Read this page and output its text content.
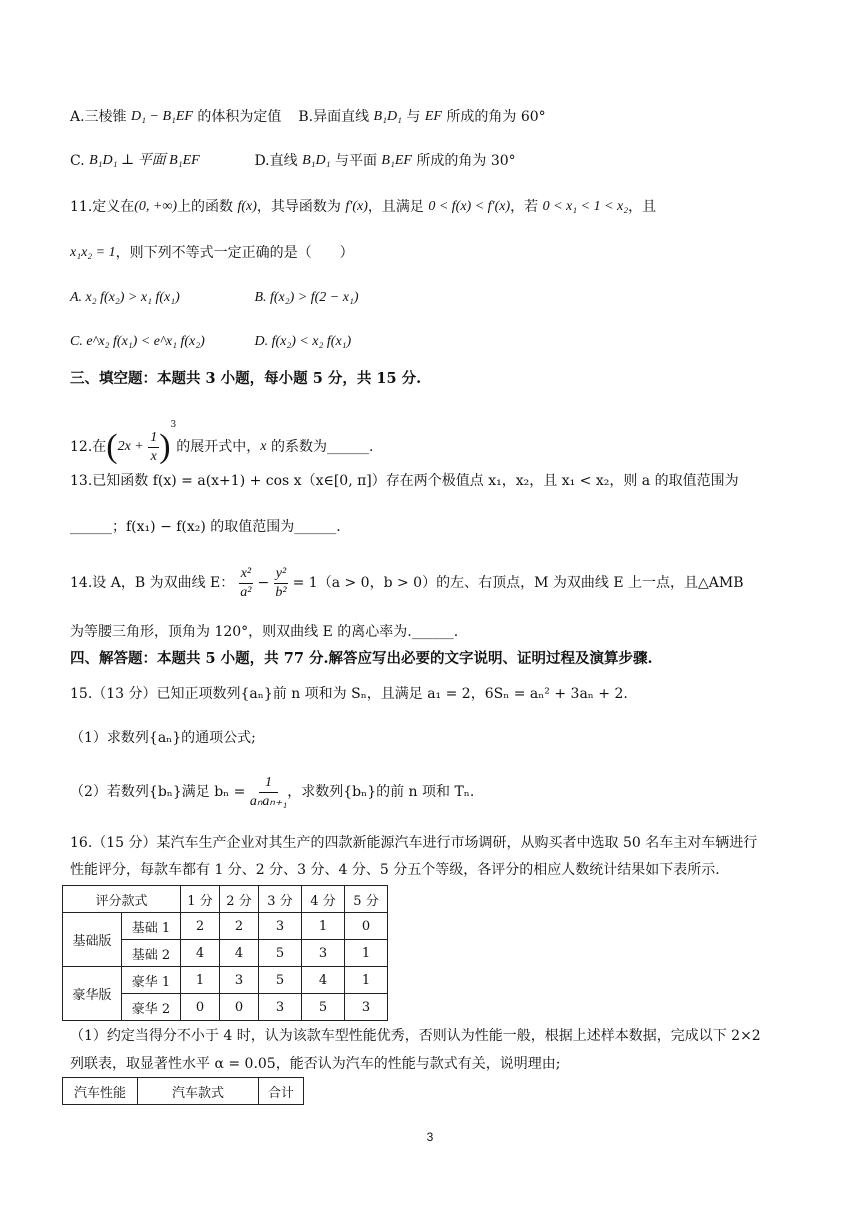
A.三棱锥 D₁ − B₁EF 的体积为定值 B.异面直线 B₁D₁ 与 EF 所成的角为 60°
C. B₁D₁ ⊥ 平面 B₁EF	D.直线 B₁D₁ 与平面 B₁EF 所成的角为 30°
11.定义在(0, +∞)上的函数 f(x)，其导函数为 f′(x)，且满足 0 < f(x) < f′(x)，若 0 < x₁ < 1 < x₂，且
x₁x₂ = 1，则下列不等式一定正确的是（　　）
A. x₂ f(x₂) > x₁ f(x₁)	B. f(x₂) > f(2 − x₁)
C. e^x₂ f(x₁) < e^x₁ f(x₂)	D. f(x₂) < x₂ f(x₁)
三、填空题：本题共 3 小题，每小题 5 分，共 15 分.
12.在$(2x + \frac{1}{x} )^3$的展开式中，x 的系数为______.
13.已知函数 f(x) = a(x+1) + cos x（x∈[0, π]）存在两个极值点 x₁，x₂，且 x₁ < x₂，则 a 的取值范围为
______；f(x₁) − f(x₂) 的取值范围为______.
14.设 A，B 为双曲线 E： $\frac{\text{x²}}{\text{a²}} - \frac{\text{y²}}{\text{b²}} = 1(a > 0$，b > 0）的左、右顶点，M 为双曲线 E 上一点，且△AMB
为等腰三角形，顶角为 120°，则双曲线 E 的离心率为.______.
四、解答题：本题共 5 小题，共 77 分.解答应写出必要的文字说明、证明过程及演算步骤.
15.（13 分）已知正项数列{aₙ}前 n 项和为 Sₙ，且满足 a₁ = 2，6Sₙ = aₙ² + 3aₙ + 2.
（1）求数列{aₙ}的通项公式;
（2）若数列{bₙ}满足 $b_n = \frac{1}{\text{aₙaₙ₊₁}}$ ，求数列{bₙ}的前 n 项和 Tₙ.
16.（15 分）某汽车生产企业对其生产的四款新能源汽车进行市场调研，从购买者中选取 50 名车主对车辆进行
性能评分，每款车都有 1 分、2 分、3 分、4 分、5 分五个等级，各评分的相应人数统计结果如下表所示.
评分款式		1 分	2 分	3 分	4 分	5 分
基础版	基础 1	2	2	3	1	0
	基础 2	4	4	5	3	1
豪华版	豪华 1	1	3	5	4	1
	豪华 2	0	0	3	5	3
（1）约定当得分不小于 4 时，认为该款车型性能优秀，否则认为性能一般，根据上述样本数据，完成以下 2×2
列联表，取显著性水平 α = 0.05，能否认为汽车的性能与款式有关，说明理由;
汽车性能	汽车款式	合计
3
